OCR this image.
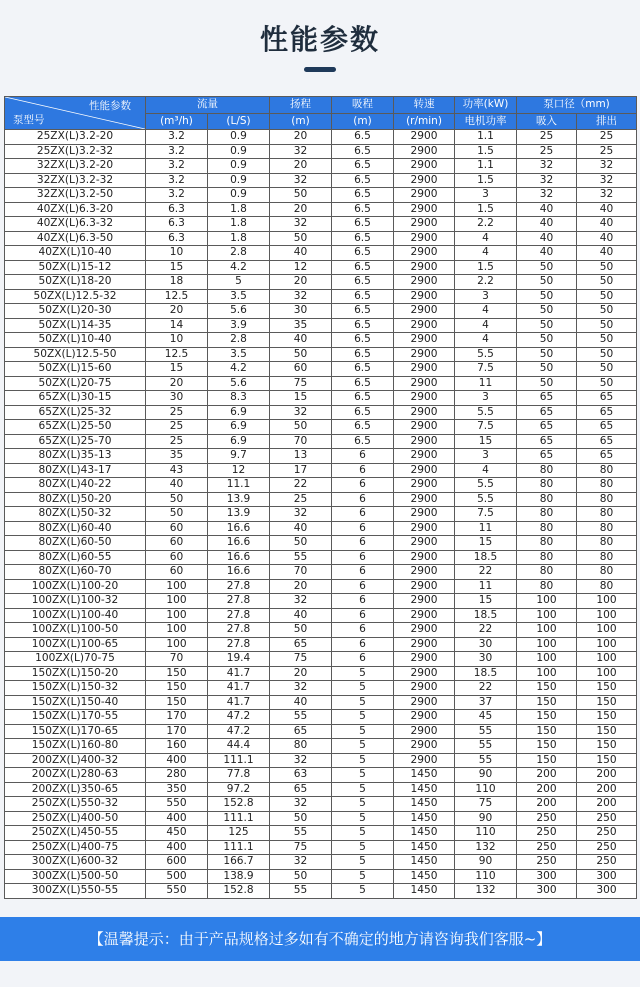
性能参数
性能参数
泵型号	流量		扬程	吸程	转速	功率(kW)	泵口径（mm)	
	(m³/h)	(L/S)	(m)	(m)	(r/min)	电机功率	吸入	排出
25ZX(L)3.2-20	3.2	0.9	20	6.5	2900	1.1	25	25
25ZX(L)3.2-32	3.2	0.9	32	6.5	2900	1.5	25	25
32ZX(L)3.2-20	3.2	0.9	20	6.5	2900	1.1	32	32
32ZX(L)3.2-32	3.2	0.9	32	6.5	2900	1.5	32	32
32ZX(L)3.2-50	3.2	0.9	50	6.5	2900	3	32	32
40ZX(L)6.3-20	6.3	1.8	20	6.5	2900	1.5	40	40
40ZX(L)6.3-32	6.3	1.8	32	6.5	2900	2.2	40	40
40ZX(L)6.3-50	6.3	1.8	50	6.5	2900	4	40	40
40ZX(L)10-40	10	2.8	40	6.5	2900	4	40	40
50ZX(L)15-12	15	4.2	12	6.5	2900	1.5	50	50
50ZX(L)18-20	18	5	20	6.5	2900	2.2	50	50
50ZX(L)12.5-32	12.5	3.5	32	6.5	2900	3	50	50
50ZX(L)20-30	20	5.6	30	6.5	2900	4	50	50
50ZX(L)14-35	14	3.9	35	6.5	2900	4	50	50
50ZX(L)10-40	10	2.8	40	6.5	2900	4	50	50
50ZX(L)12.5-50	12.5	3.5	50	6.5	2900	5.5	50	50
50ZX(L)15-60	15	4.2	60	6.5	2900	7.5	50	50
50ZX(L)20-75	20	5.6	75	6.5	2900	11	50	50
65ZX(L)30-15	30	8.3	15	6.5	2900	3	65	65
65ZX(L)25-32	25	6.9	32	6.5	2900	5.5	65	65
65ZX(L)25-50	25	6.9	50	6.5	2900	7.5	65	65
65ZX(L)25-70	25	6.9	70	6.5	2900	15	65	65
80ZX(L)35-13	35	9.7	13	6	2900	3	65	65
80ZX(L)43-17	43	12	17	6	2900	4	80	80
80ZX(L)40-22	40	11.1	22	6	2900	5.5	80	80
80ZX(L)50-20	50	13.9	25	6	2900	5.5	80	80
80ZX(L)50-32	50	13.9	32	6	2900	7.5	80	80
80ZX(L)60-40	60	16.6	40	6	2900	11	80	80
80ZX(L)60-50	60	16.6	50	6	2900	15	80	80
80ZX(L)60-55	60	16.6	55	6	2900	18.5	80	80
80ZX(L)60-70	60	16.6	70	6	2900	22	80	80
100ZX(L)100-20	100	27.8	20	6	2900	11	80	80
100ZX(L)100-32	100	27.8	32	6	2900	15	100	100
100ZX(L)100-40	100	27.8	40	6	2900	18.5	100	100
100ZX(L)100-50	100	27.8	50	6	2900	22	100	100
100ZX(L)100-65	100	27.8	65	6	2900	30	100	100
100ZX(L)70-75	70	19.4	75	6	2900	30	100	100
150ZX(L)150-20	150	41.7	20	5	2900	18.5	100	100
150ZX(L)150-32	150	41.7	32	5	2900	22	150	150
150ZX(L)150-40	150	41.7	40	5	2900	37	150	150
150ZX(L)170-55	170	47.2	55	5	2900	45	150	150
150ZX(L)170-65	170	47.2	65	5	2900	55	150	150
150ZX(L)160-80	160	44.4	80	5	2900	55	150	150
200ZX(L)400-32	400	111.1	32	5	2900	55	150	150
200ZX(L)280-63	280	77.8	63	5	1450	90	200	200
200ZX(L)350-65	350	97.2	65	5	1450	110	200	200
250ZX(L)550-32	550	152.8	32	5	1450	75	200	200
250ZX(L)400-50	400	111.1	50	5	1450	90	250	250
250ZX(L)450-55	450	125	55	5	1450	110	250	250
250ZX(L)400-75	400	111.1	75	5	1450	132	250	250
300ZX(L)600-32	600	166.7	32	5	1450	90	250	250
300ZX(L)500-50	500	138.9	50	5	1450	110	300	300
300ZX(L)550-55	550	152.8	55	5	1450	132	300	300
【温馨提示：由于产品规格过多如有不确定的地方请咨询我们客服~】
